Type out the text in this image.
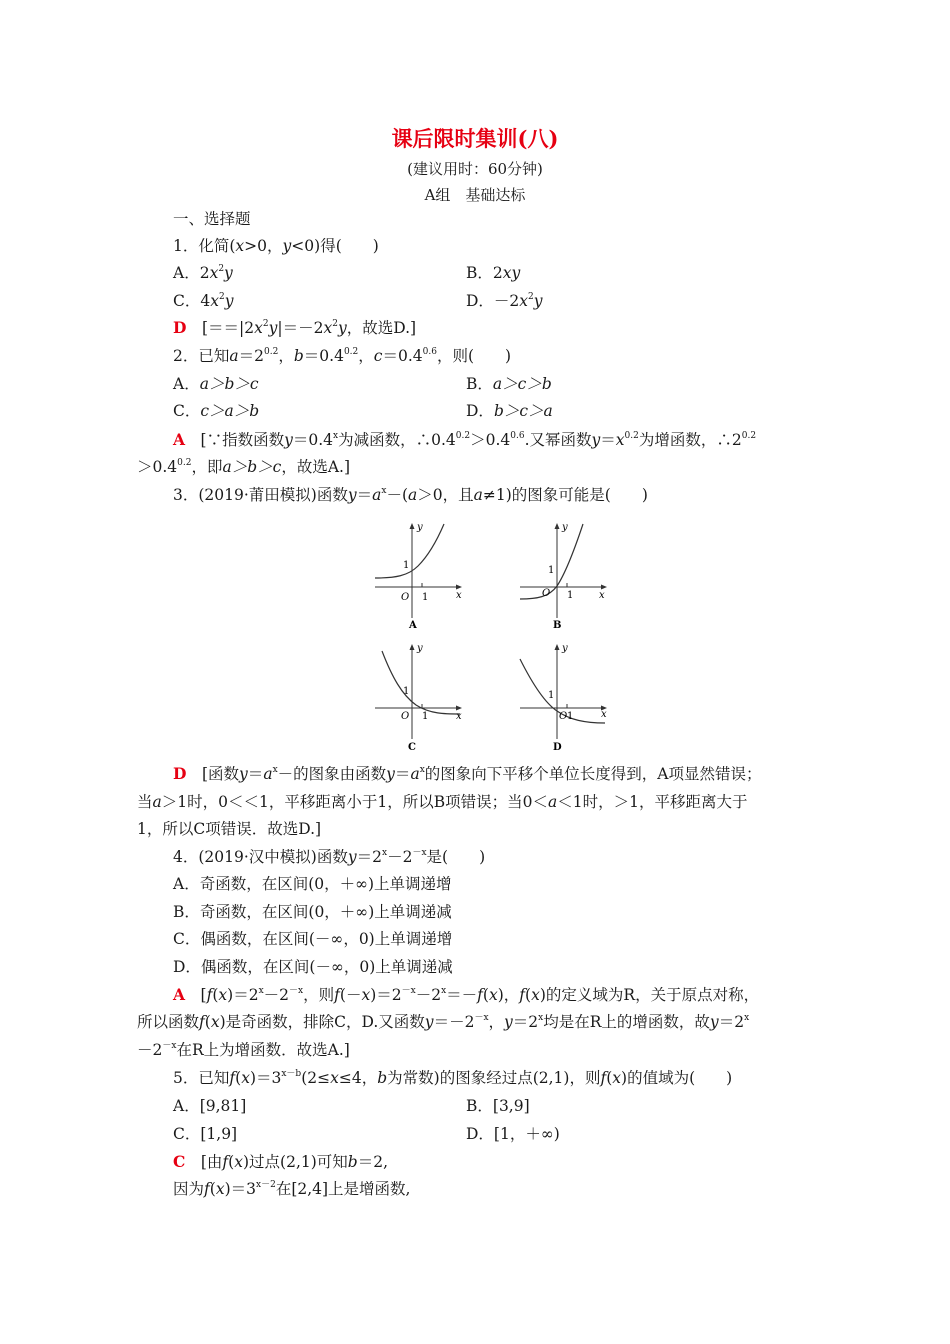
课后限时集训(八)
(建议用时：60分钟)
A组　基础达标
一、选择题
1．化简(x>0，y<0)得(　　)
A．$2x^2y$	B．2xy
C．$4x^2y$	D．$-2x^2y$
D　 [$==|2x^2y|=-2x^2y$，故选D.]
2．已知$a=2^{0.2}$，$b=0.4^{0.2}$，$c=0.4^{0.6}$，则(　　)
A．a＞b＞c	B．a＞c＞b
C．c＞a＞b	D．b＞c＞a
A　 [∵指数函数$y=0.4^x$为减函数，$\therefore 0.4^{0.2}>0.4^{0.6}$.又幂函数$y=x^{0.2}$为增函数，$\therefore 2^{0.2}$
$>0.4^{0.2}$，即a＞b＞c，故选A.]
3．(2019·莆田模拟)函数$y=a^x-(a>0$，且a≠1)的图象可能是(　　)
y
x
O 1
1
A
y
x
O 1
1
B
y
x
O 1
1
C
y
x
O 1
1
D
D　 [函数$y=a^x-$的图象由函数$y=a^x$的图象向下平移个单位长度得到，A项显然错误；
当a＞1时，0＜＜1，平移距离小于1，所以B项错误；当0＜a＜1时，＞1，平移距离大于
1，所以C项错误．故选D.]
4．(2019·汉中模拟)函数$y=2^x-2^{-x}$是(　　)
A．奇函数，在区间(0，＋∞)上单调递增
B．奇函数，在区间(0，＋∞)上单调递减
C．偶函数，在区间(－∞，0)上单调递增
D．偶函数，在区间(－∞，0)上单调递减
A　 [$f(x)=2^x-2^{-x}$，则$f(-x)=2^{-x}-2^x=-f(x)$，f(x)的定义域为R，关于原点对称，
所以函数f(x)是奇函数，排除C，D.又函数$y=-2^{-x}$，$y=2^x$均是在R上的增函数，故$y=2^x$
$-2^{-x}$在R上为增函数．故选A.]
5．已知$f(x)=3^{x-b}(2\le x\le 4$，b为常数)的图象经过点(2,1)，则f(x)的值域为(　　)
A．[9,81]	B．[3,9]
C．[1,9]	D．[1，＋∞)
C　 [由f(x)过点(2,1)可知b＝2,
因为$f(x)=3^{x-2}$在[2,4]上是增函数,
